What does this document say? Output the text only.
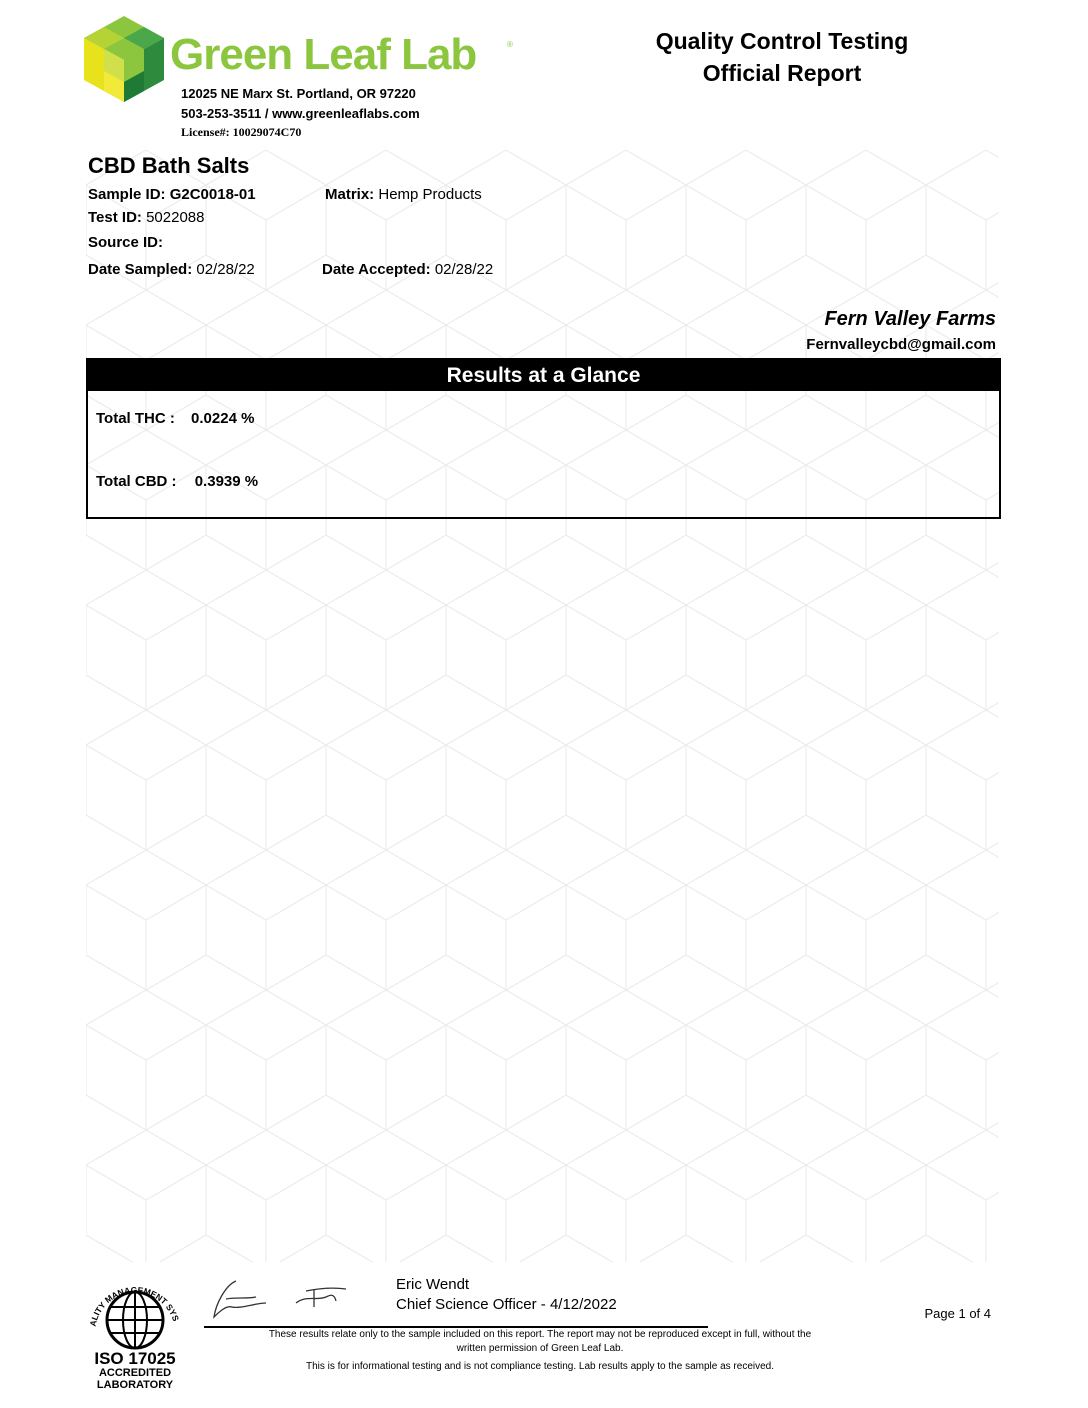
Green Leaf Lab	®
12025 NE Marx St. Portland, OR 97220
503-253-3511 / www.greenleaflabs.com
License#: 10029074C70
Quality Control Testing
Official Report
CBD Bath Salts
Sample ID: G2C0018-01	Matrix: Hemp Products
Test ID: 5022088
Source ID:
Date Sampled: 02/28/22	Date Accepted: 02/28/22
Fern Valley Farms
Fernvalleycbd@gmail.com
Results at a Glance
Total THC : 0.0224 %
Total CBD : 0.3939 %
ALITY MANAGEMENT SYS
ISO 17025
ACCREDITED
LABORATORY
Eric Wendt
Chief Science Officer - 4/12/2022
Page 1 of 4
These results relate only to the sample included on this report. The report may not be reproduced except in full, without the
written permission of Green Leaf Lab.
This is for informational testing and is not compliance testing. Lab results apply to the sample as received.
